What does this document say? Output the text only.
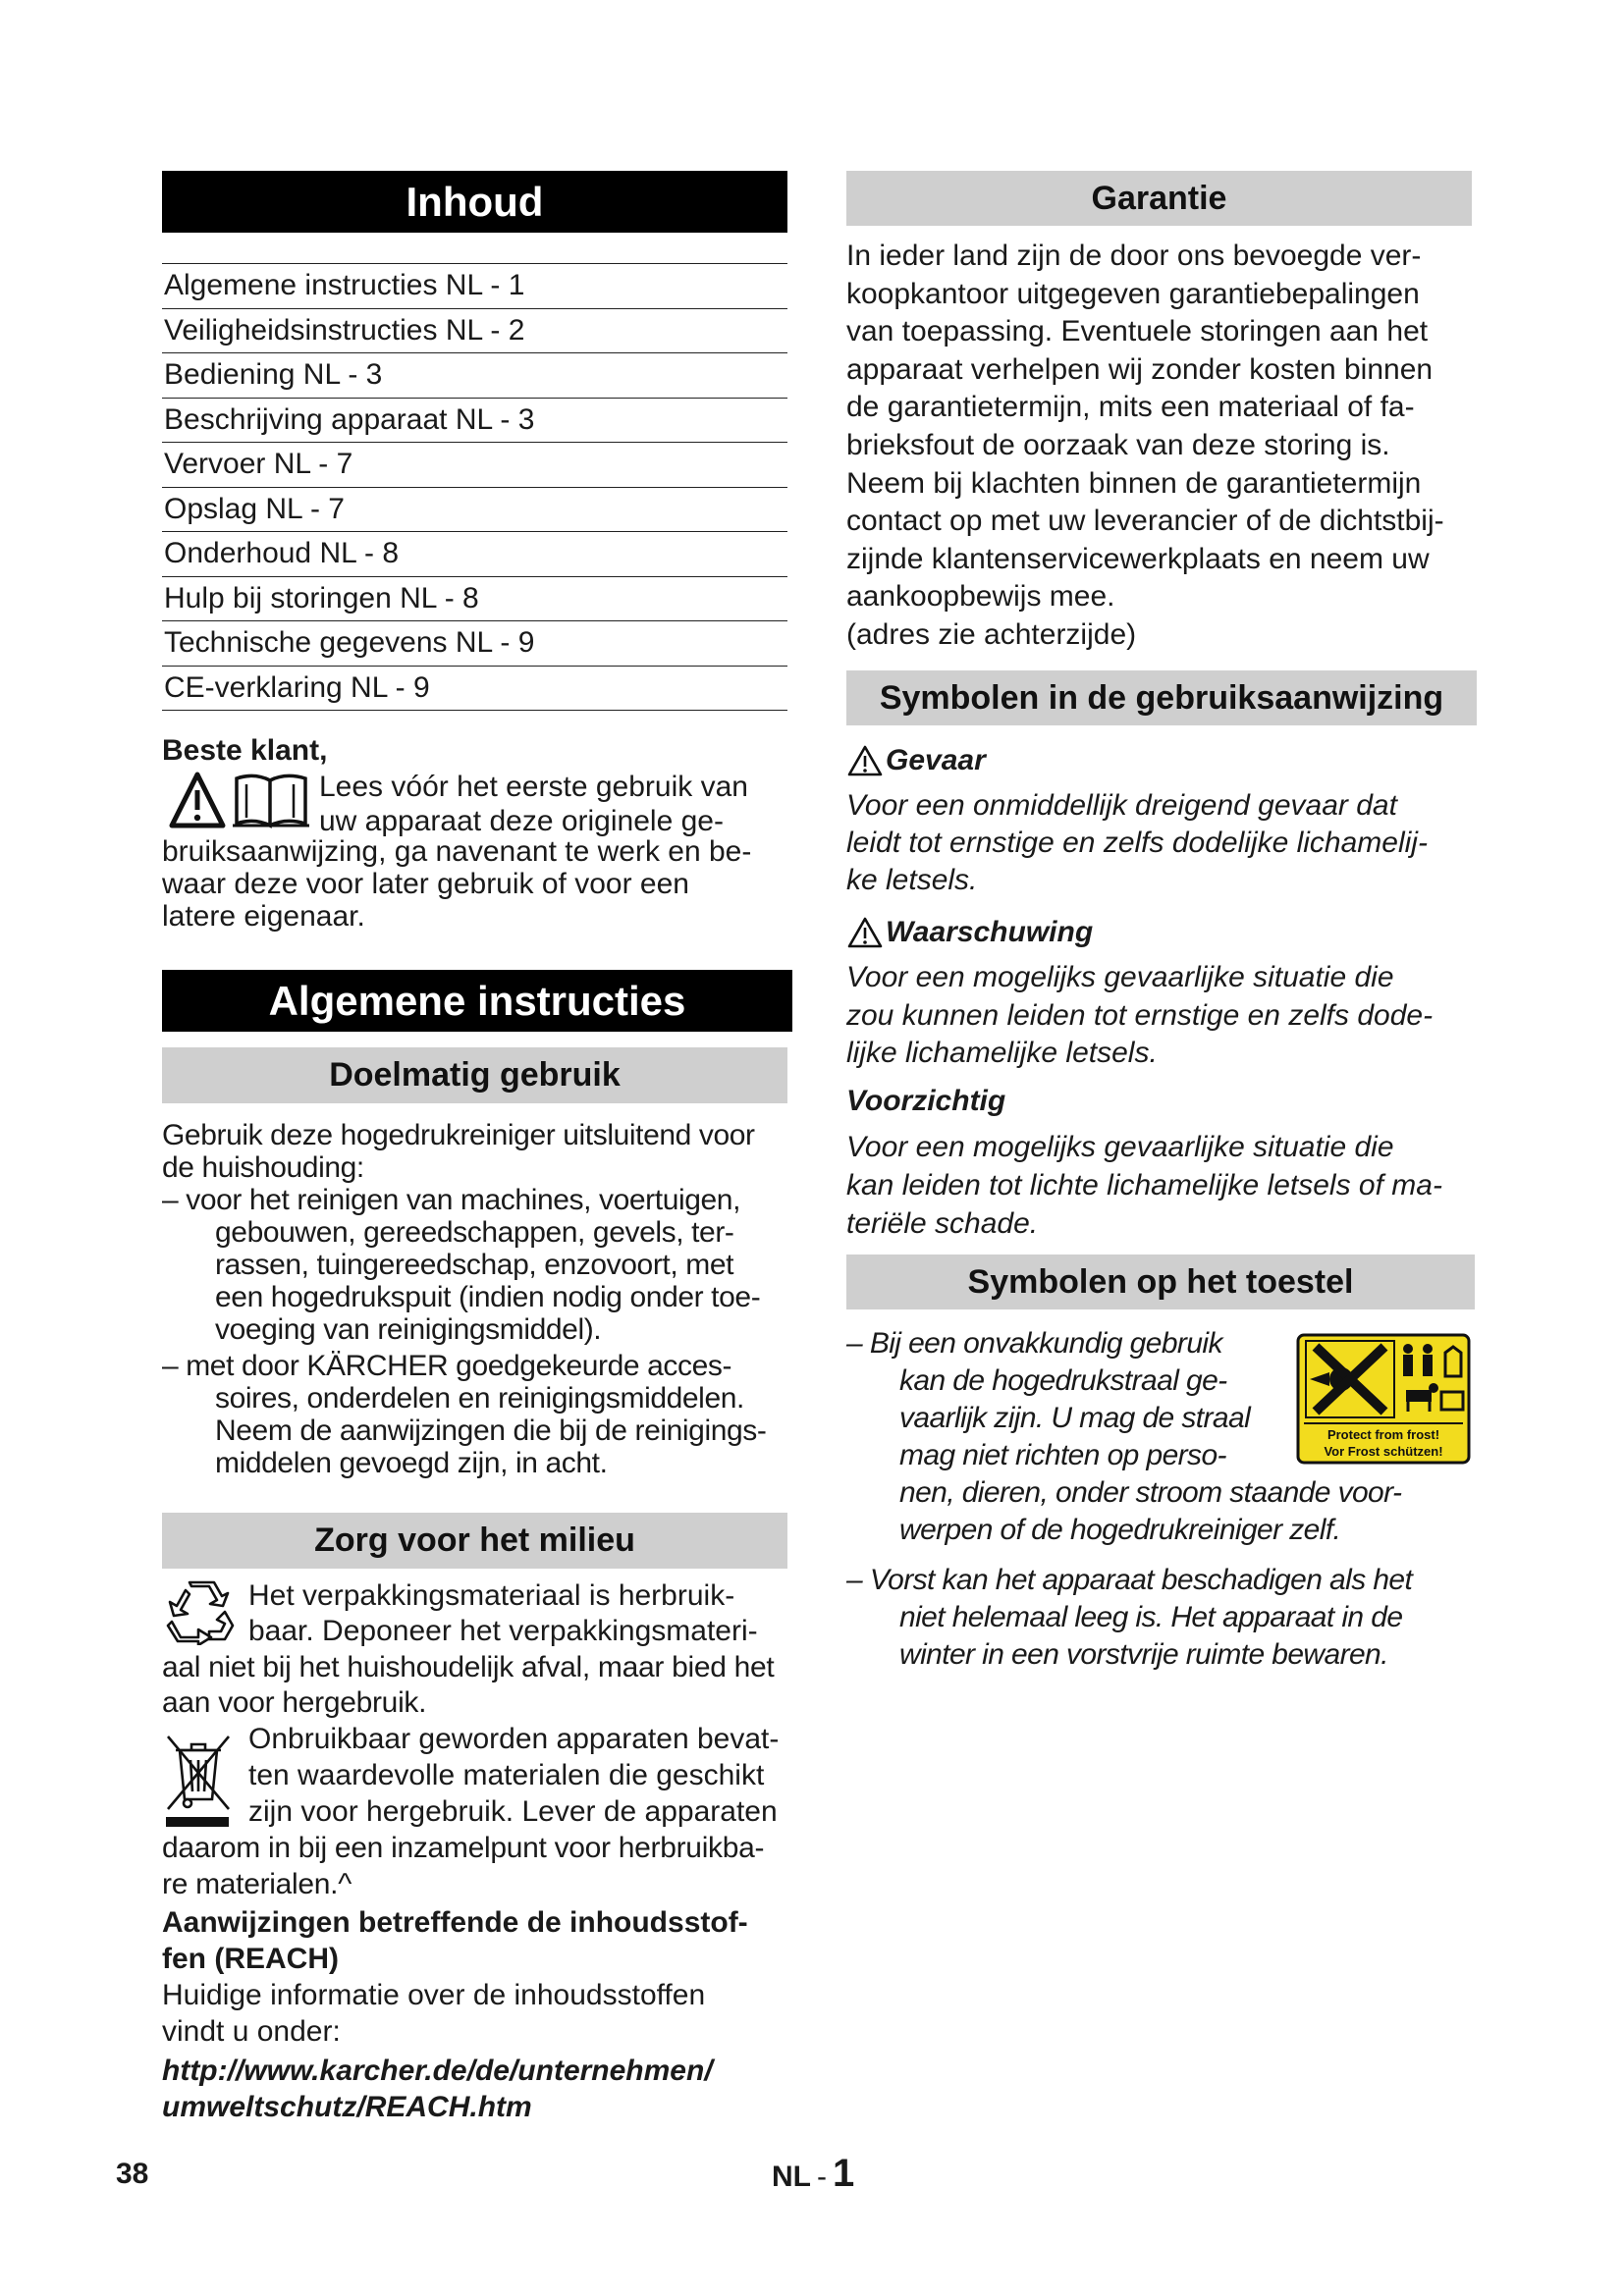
Inhoud
Algemene instructies NL - 1
Veiligheidsinstructies NL - 2
Bediening NL - 3
Beschrijving apparaat NL - 3
Vervoer NL - 7
Opslag NL - 7
Onderhoud NL - 8
Hulp bij storingen NL - 8
Technische gegevens NL - 9
CE-verklaring NL - 9
Beste klant,
Lees vóór het eerste gebruik van
uw apparaat deze originele ge-
bruiksaanwijzing, ga navenant te werk en be-
waar deze voor later gebruik of voor een
latere eigenaar.
Algemene instructies
Doelmatig gebruik
Gebruik deze hogedrukreiniger uitsluitend voor
de huishouding:
– voor het reinigen van machines, voertuigen,
gebouwen, gereedschappen, gevels, ter-
rassen, tuingereedschap, enzovoort, met
een hogedrukspuit (indien nodig onder toe-
voeging van reinigingsmiddel).
– met door KÄRCHER goedgekeurde acces-
soires, onderdelen en reinigingsmiddelen.
Neem de aanwijzingen die bij de reinigings-
middelen gevoegd zijn, in acht.
Zorg voor het milieu
Het verpakkingsmateriaal is herbruik-
baar. Deponeer het verpakkingsmateri-
aal niet bij het huishoudelijk afval, maar bied het
aan voor hergebruik.
Onbruikbaar geworden apparaten bevat-
ten waardevolle materialen die geschikt
zijn voor hergebruik. Lever de apparaten
daarom in bij een inzamelpunt voor herbruikba-
re materialen.^
Aanwijzingen betreffende de inhoudsstof-
fen (REACH)
Huidige informatie over de inhoudsstoffen
vindt u onder:
http://www.karcher.de/de/unternehmen/
umweltschutz/REACH.htm
Garantie
In ieder land zijn de door ons bevoegde ver-
koopkantoor uitgegeven garantiebepalingen
van toepassing. Eventuele storingen aan het
apparaat verhelpen wij zonder kosten binnen
de garantietermijn, mits een materiaal of fa-
brieksfout de oorzaak van deze storing is.
Neem bij klachten binnen de garantietermijn
contact op met uw leverancier of de dichtstbij-
zijnde klantenservicewerkplaats en neem uw
aankoopbewijs mee.
(adres zie achterzijde)
Symbolen in de gebruiksaanwijzing
Gevaar
Voor een onmiddellijk dreigend gevaar dat
leidt tot ernstige en zelfs dodelijke lichamelij-
ke letsels.
Waarschuwing
Voor een mogelijks gevaarlijke situatie die
zou kunnen leiden tot ernstige en zelfs dode-
lijke lichamelijke letsels.
Voorzichtig
Voor een mogelijks gevaarlijke situatie die
kan leiden tot lichte lichamelijke letsels of ma-
teriële schade.
Symbolen op het toestel
Protect from frost!
Vor Frost schützen!
– Bij een onvakkundig gebruik
kan de hogedrukstraal ge-
vaarlijk zijn. U mag de straal
mag niet richten op perso-
nen, dieren, onder stroom staande voor-
werpen of de hogedrukreiniger zelf.
– Vorst kan het apparaat beschadigen als het
niet helemaal leeg is. Het apparaat in de
winter in een vorstvrije ruimte bewaren.
38	NL - 1
